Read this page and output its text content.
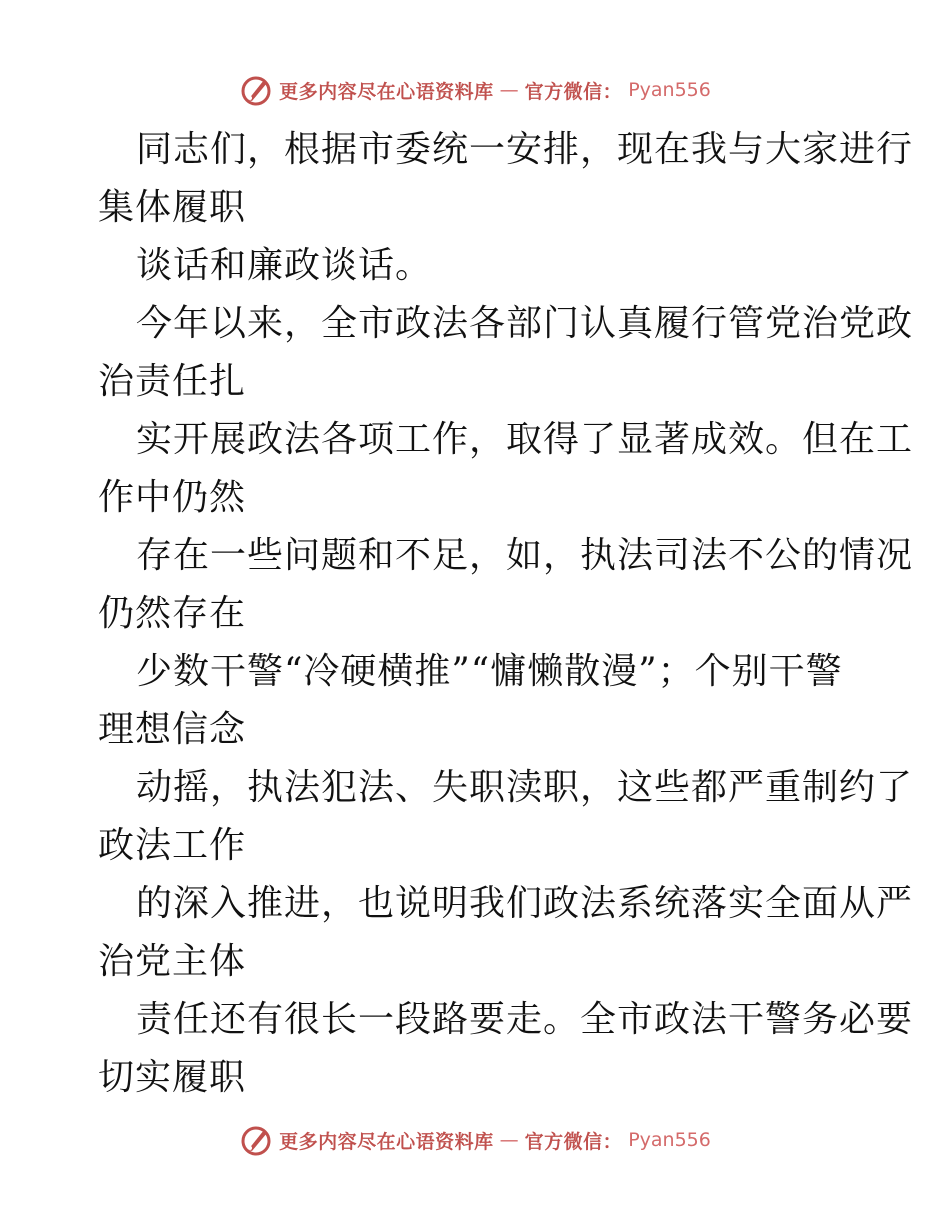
更多内容尽在心语资料库 — 官方微信： Pyan556
同志们，根据市委统一安排，现在我与大家进行
集体履职
谈话和廉政谈话。
今年以来，全市政法各部门认真履行管党治党政
治责任扎
实开展政法各项工作，取得了显著成效。但在工
作中仍然
存在一些问题和不足，如，执法司法不公的情况
仍然存在
少数干警“冷硬横推”“慵懒散漫”；个别干警
理想信念
动摇，执法犯法、失职渎职，这些都严重制约了
政法工作
的深入推进，也说明我们政法系统落实全面从严
治党主体
责任还有很长一段路要走。全市政法干警务必要
切实履职
更多内容尽在心语资料库 — 官方微信： Pyan556
